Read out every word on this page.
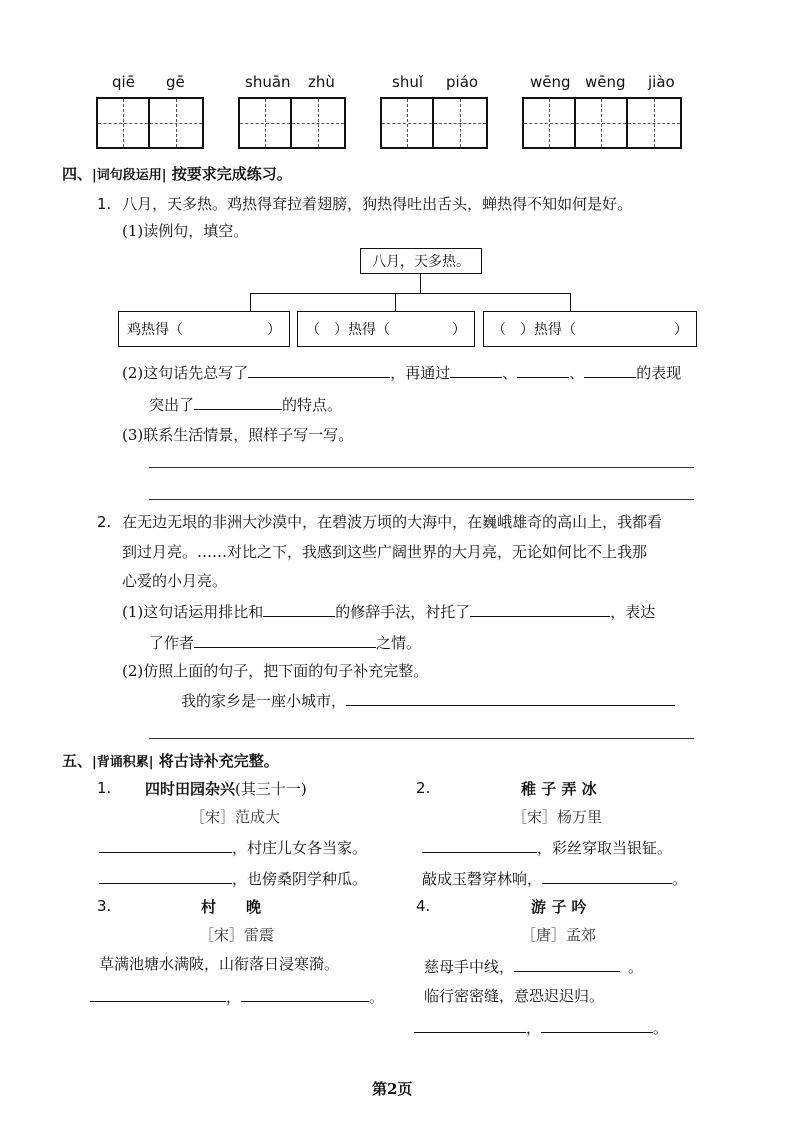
qiē gē	shuān zhù	shuǐ piáo	wēng wēng jiào
四、|词句段运用| 按要求完成练习。
1. 八月，天多热。鸡热得耷拉着翅膀，狗热得吐出舌头，蝉热得不知如何是好。
(1)读例句，填空。
八月，天多热。
鸡热得（	） （　）热得（	） （　）热得（	）
(2)这句话先总写了	，再通过	、	、	的表现
突出了	的特点。
(3)联系生活情景，照样子写一写。
2. 在无边无垠的非洲大沙漠中，在碧波万顷的大海中，在巍峨雄奇的高山上，我都看
到过月亮。……对比之下，我感到这些广阔世界的大月亮，无论如何比不上我那
心爱的小月亮。
(1)这句话运用排比和	的修辞手法，衬托了	，表达
了作者	之情。
(2)仿照上面的句子，把下面的句子补充完整。
我的家乡是一座小城市，
五、|背诵积累| 将古诗补充完整。
1. 四时田园杂兴(其三十一)
［宋］范成大
，村庄儿女各当家。
，也傍桑阴学种瓜。
2.	稚 子 弄 冰
［宋］杨万里
，彩丝穿取当银钲。
敲成玉磬穿林响，	。
3.	村　　晚
［宋］雷震
草满池塘水满陂，山衔落日浸寒漪。
，	。
4.	游 子 吟
［唐］孟郊
慈母手中线，	。
临行密密缝，意恐迟迟归。
，	。
第2页
